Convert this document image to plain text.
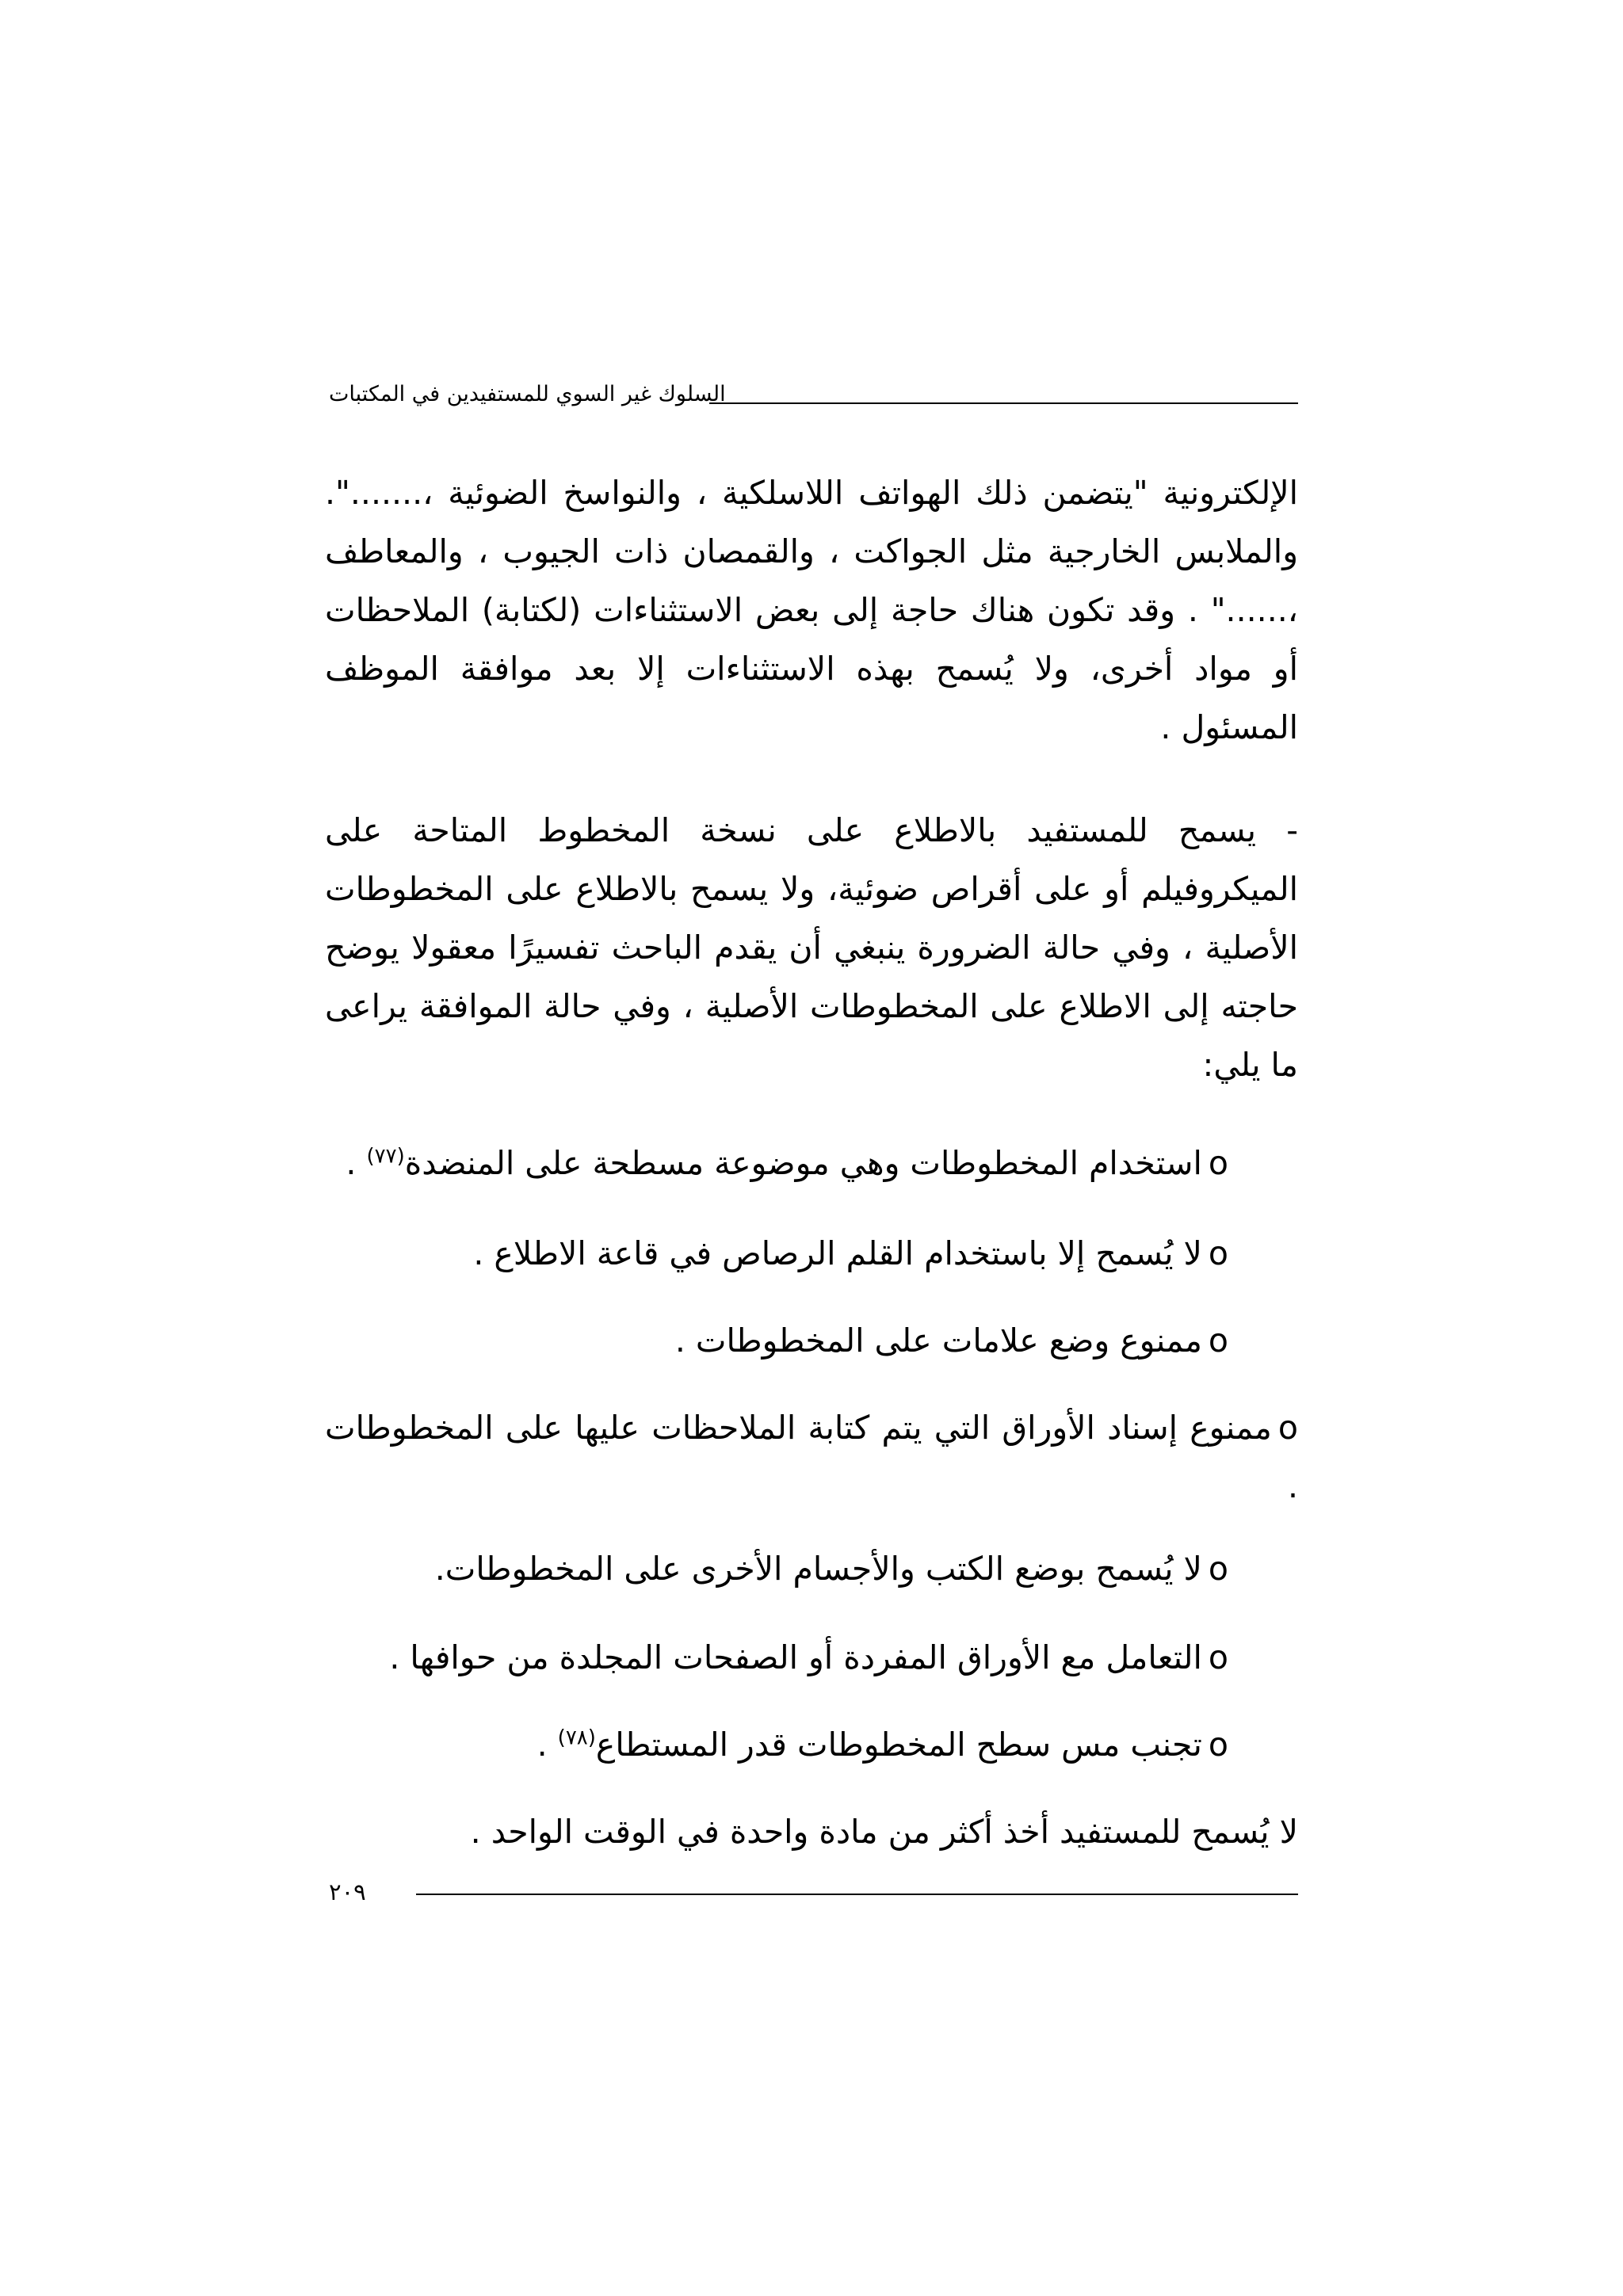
السلوك غير السوي للمستفيدين في المكتبات

الإلكترونية "يتضمن ذلك الهواتف اللاسلكية ، والنواسخ الضوئية ،.......". والملابس الخارجية مثل الجواكت ، والقمصان ذات الجيوب ، والمعاطف ،......" . وقد تكون هناك حاجة إلى بعض الاستثناءات (لكتابة) الملاحظات أو مواد أخرى، ولا يُسمح بهذه الاستثناءات إلا بعد موافقة الموظف المسئول .

- يسمح للمستفيد بالاطلاع على نسخة المخطوط المتاحة على الميكروفيلم أو على أقراص ضوئية، ولا يسمح بالاطلاع على المخطوطات الأصلية ، وفي حالة الضرورة ينبغي أن يقدم الباحث تفسيرًا معقولا يوضح حاجته إلى الاطلاع على المخطوطات الأصلية ، وفي حالة الموافقة يراعى ما يلي:

oاستخدام المخطوطات وهي موضوعة مسطحة على المنضدة$^{(٧٧)}$ .

oلا يُسمح إلا باستخدام القلم الرصاص في قاعة الاطلاع .

oممنوع وضع علامات على المخطوطات .

oممنوع إسناد الأوراق التي يتم كتابة الملاحظات عليها على المخطوطات .

oلا يُسمح بوضع الكتب والأجسام الأخرى على المخطوطات.

oالتعامل مع الأوراق المفردة أو الصفحات المجلدة من حوافها .

oتجنب مس سطح المخطوطات قدر المستطاع$^{(٧٨)}$ .

لا يُسمح للمستفيد أخذ أكثر من مادة واحدة في الوقت الواحد .

٢٠٩
